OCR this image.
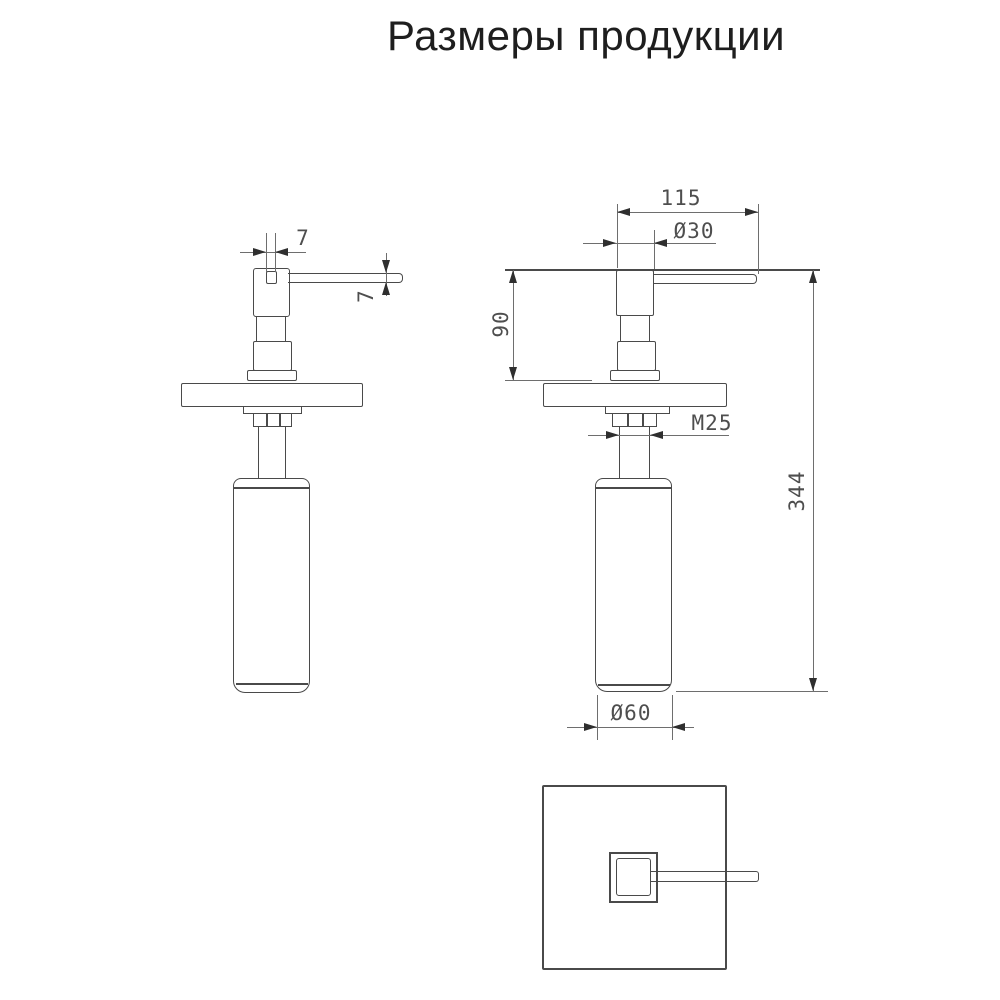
Размеры продукции
7
7
115
Ø30
90
M25
344
Ø60
